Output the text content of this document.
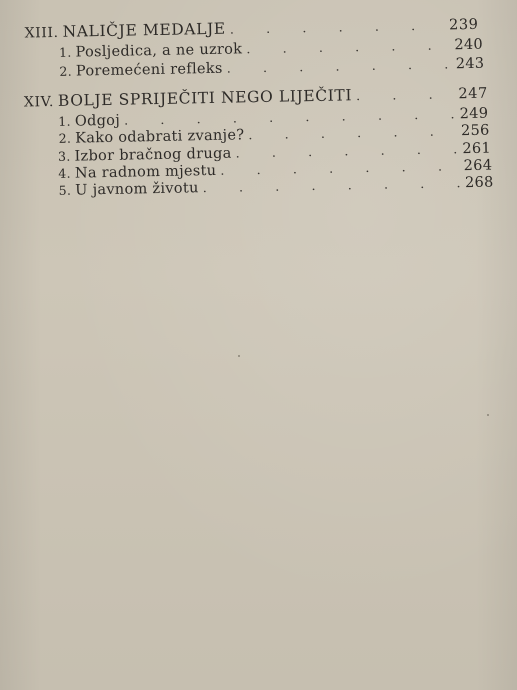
XIII. NALIČJE MEDALJE . . .	239
1. Posljedica, a ne uzrok . . .	240
2. Poremećeni refleks . . .	243
XIV. BOLJE SPRIJEČITI NEGO LIJEČITI . . .	247
1. Odgoj . . .	249
2. Kako odabrati zvanje? . . .	256
3. Izbor bračnog druga . . .	261
4. Na radnom mjestu . . .	264
5. U javnom životu . . .	268
